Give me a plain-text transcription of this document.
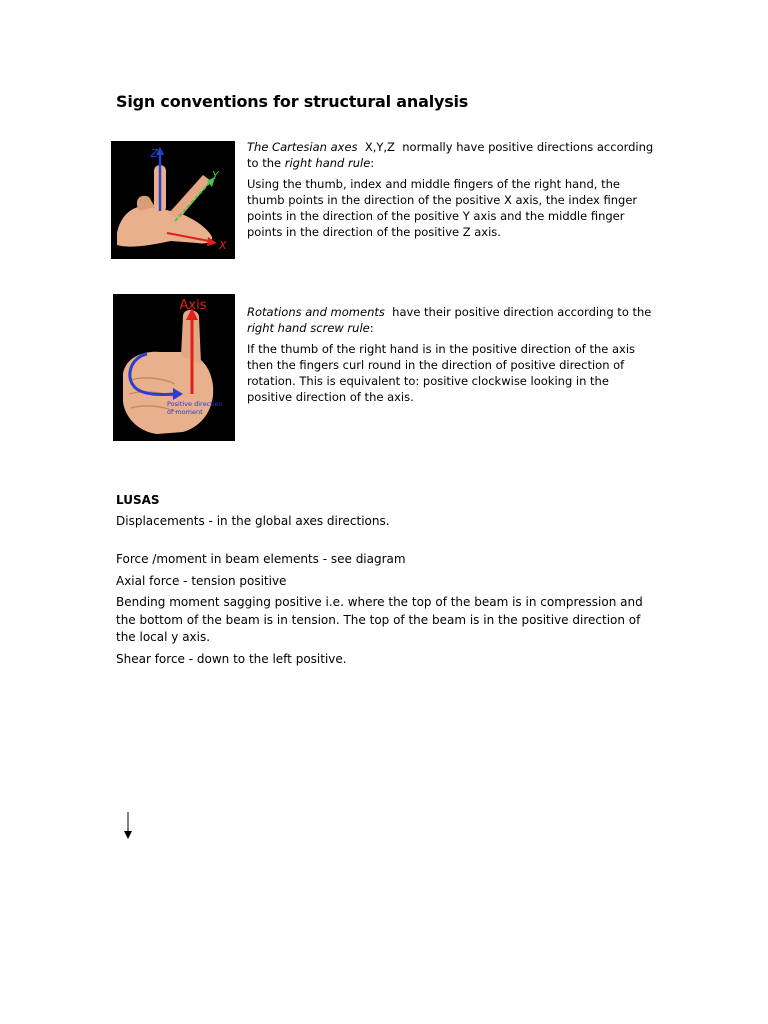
Sign conventions for structural analysis
Z
Y
X

The Cartesian axes X,Y,Z normally have positive directions according to the right hand rule:

Using the thumb, index and middle fingers of the right hand, the thumb points in the direction of the positive X axis, the index finger points in the direction of the positive Y axis and the middle finger points in the direction of the positive Z axis.

Axis
Positive direction
of moment

Rotations and moments have their positive direction according to the right hand screw rule:

If the thumb of the right hand is in the positive direction of the axis then the fingers curl round in the direction of positive direction of rotation. This is equivalent to: positive clockwise looking in the positive direction of the axis.

LUSAS

Displacements - in the global axes directions.

Force /moment in beam elements - see diagram

Axial force - tension positive

Bending moment sagging positive i.e. where the top of the beam is in compression and the bottom of the beam is in tension. The top of the beam is in the positive direction of the local y axis.

Shear force - down to the left positive.
